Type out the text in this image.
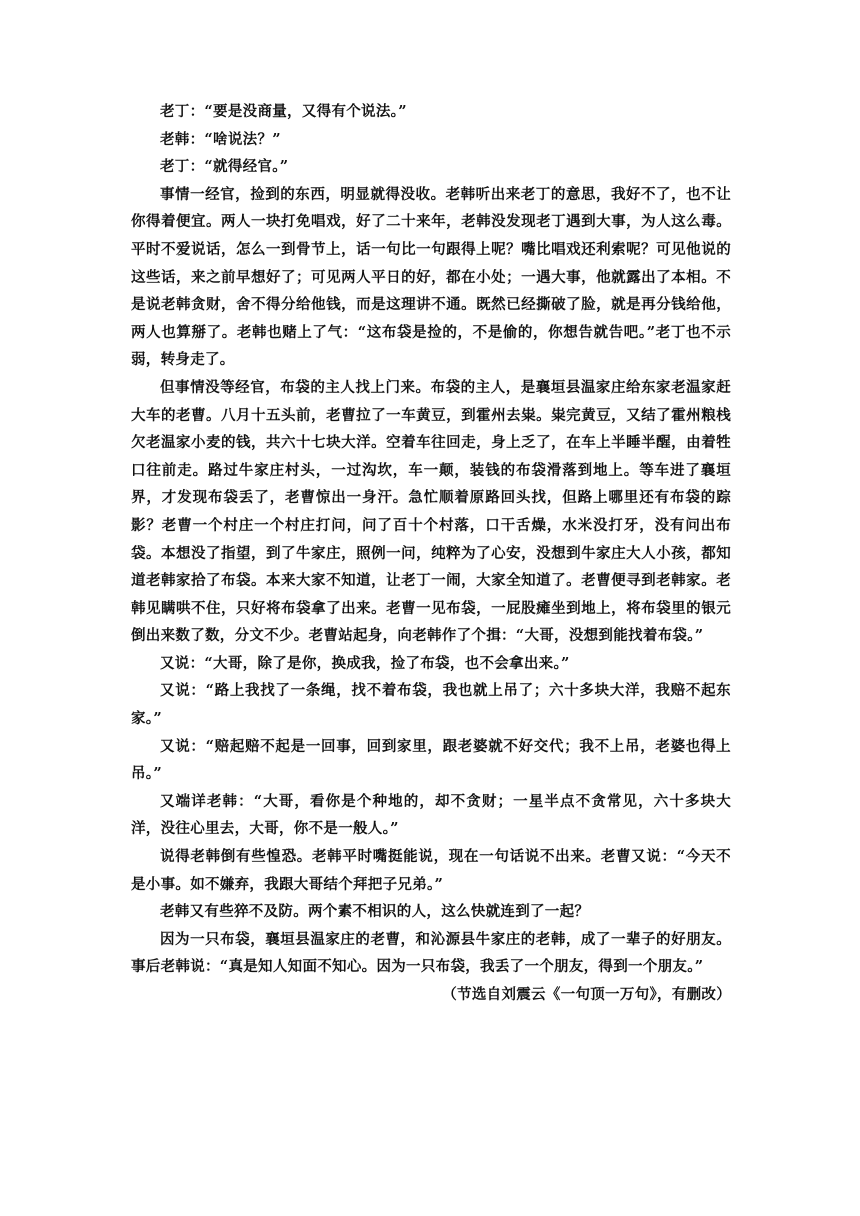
老丁：“要是没商量，又得有个说法。”

老韩：“啥说法？”

老丁：“就得经官。”

事情一经官，捡到的东西，明显就得没收。老韩听出来老丁的意思，我好不了，也不让你得着便宜。两人一块打免唱戏，好了二十来年，老韩没发现老丁遇到大事，为人这么毒。平时不爱说话，怎么一到骨节上，话一句比一句跟得上呢？嘴比唱戏还利索呢？可见他说的这些话，来之前早想好了；可见两人平日的好，都在小处；一遇大事，他就露出了本相。不是说老韩贪财，舍不得分给他钱，而是这理讲不通。既然已经撕破了脸，就是再分钱给他，两人也算掰了。老韩也赌上了气：“这布袋是捡的，不是偷的，你想告就告吧。”老丁也不示弱，转身走了。

但事情没等经官，布袋的主人找上门来。布袋的主人，是襄垣县温家庄给东家老温家赶大车的老曹。八月十五头前，老曹拉了一车黄豆，到霍州去粜。粜完黄豆，又结了霍州粮栈欠老温家小麦的钱，共六十七块大洋。空着车往回走，身上乏了，在车上半睡半醒，由着牲口往前走。路过牛家庄村头，一过沟坎，车一颠，装钱的布袋滑落到地上。等车进了襄垣界，才发现布袋丢了，老曹惊出一身汗。急忙顺着原路回头找，但路上哪里还有布袋的踪影？老曹一个村庄一个村庄打问，问了百十个村落，口干舌燥，水米没打牙，没有问出布袋。本想没了指望，到了牛家庄，照例一问，纯粹为了心安，没想到牛家庄大人小孩，都知道老韩家拾了布袋。本来大家不知道，让老丁一闹，大家全知道了。老曹便寻到老韩家。老韩见瞒哄不住，只好将布袋拿了出来。老曹一见布袋，一屁股瘫坐到地上，将布袋里的银元倒出来数了数，分文不少。老曹站起身，向老韩作了个揖：“大哥，没想到能找着布袋。”

又说：“大哥，除了是你，换成我，捡了布袋，也不会拿出来。”

又说：“路上我找了一条绳，找不着布袋，我也就上吊了；六十多块大洋，我赔不起东家。”

又说：“赔起赔不起是一回事，回到家里，跟老婆就不好交代；我不上吊，老婆也得上吊。”

又端详老韩：“大哥，看你是个种地的，却不贪财；一星半点不贪常见，六十多块大洋，没往心里去，大哥，你不是一般人。”

说得老韩倒有些惶恐。老韩平时嘴挺能说，现在一句话说不出来。老曹又说：“今天不是小事。如不嫌弃，我跟大哥结个拜把子兄弟。”

老韩又有些猝不及防。两个素不相识的人，这么快就连到了一起？

因为一只布袋，襄垣县温家庄的老曹，和沁源县牛家庄的老韩，成了一辈子的好朋友。事后老韩说：“真是知人知面不知心。因为一只布袋，我丢了一个朋友，得到一个朋友。”

（节选自刘震云《一句顶一万句》，有删改）
